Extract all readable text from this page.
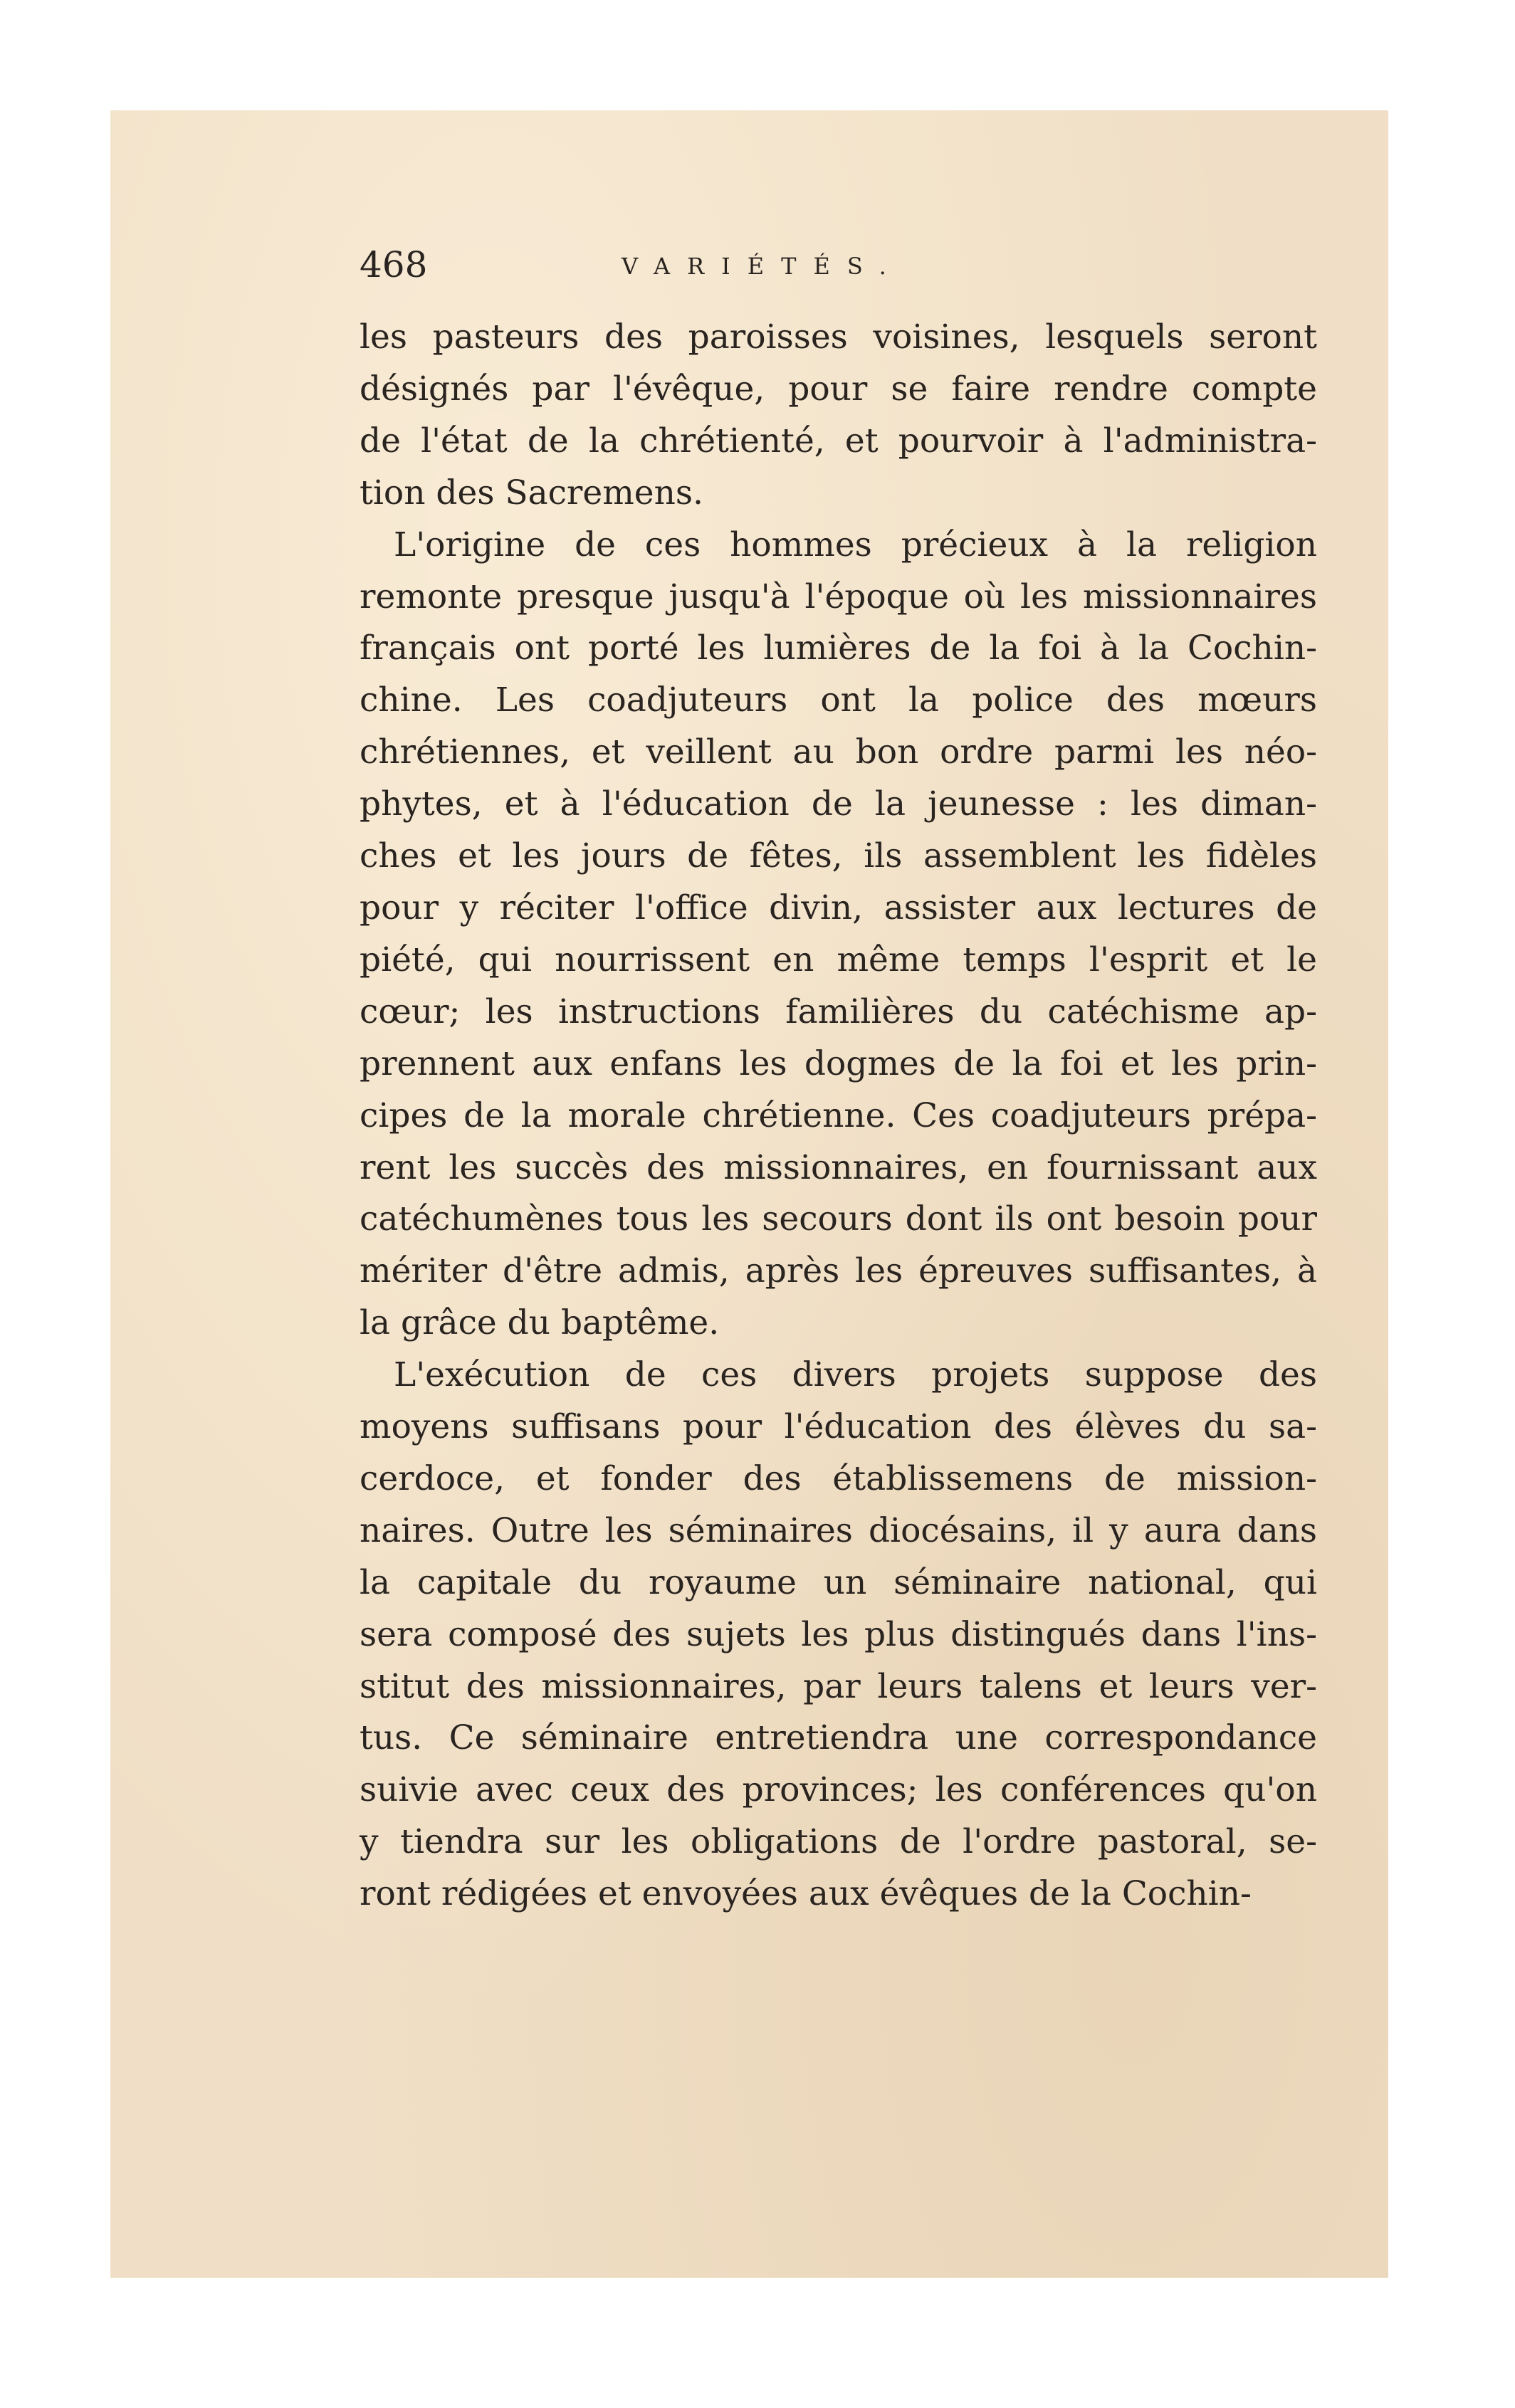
468	VARIÉTÉS.
les pasteurs des paroisses voisines, lesquels seront
désignés par l'évêque, pour se faire rendre compte
de l'état de la chrétienté, et pourvoir à l'administra-
tion des Sacremens.
L'origine de ces hommes précieux à la religion
remonte presque jusqu'à l'époque où les missionnaires
français ont porté les lumières de la foi à la Cochin-
chine. Les coadjuteurs ont la police des mœurs
chrétiennes, et veillent au bon ordre parmi les néo-
phytes, et à l'éducation de la jeunesse : les diman-
ches et les jours de fêtes, ils assemblent les fidèles
pour y réciter l'office divin, assister aux lectures de
piété, qui nourrissent en même temps l'esprit et le
cœur; les instructions familières du catéchisme ap-
prennent aux enfans les dogmes de la foi et les prin-
cipes de la morale chrétienne. Ces coadjuteurs prépa-
rent les succès des missionnaires, en fournissant aux
catéchumènes tous les secours dont ils ont besoin pour
mériter d'être admis, après les épreuves suffisantes, à
la grâce du baptême.
L'exécution de ces divers projets suppose des
moyens suffisans pour l'éducation des élèves du sa-
cerdoce, et fonder des établissemens de mission-
naires. Outre les séminaires diocésains, il y aura dans
la capitale du royaume un séminaire national, qui
sera composé des sujets les plus distingués dans l'ins-
stitut des missionnaires, par leurs talens et leurs ver-
tus. Ce séminaire entretiendra une correspondance
suivie avec ceux des provinces; les conférences qu'on
y tiendra sur les obligations de l'ordre pastoral, se-
ront rédigées et envoyées aux évêques de la Cochin-
